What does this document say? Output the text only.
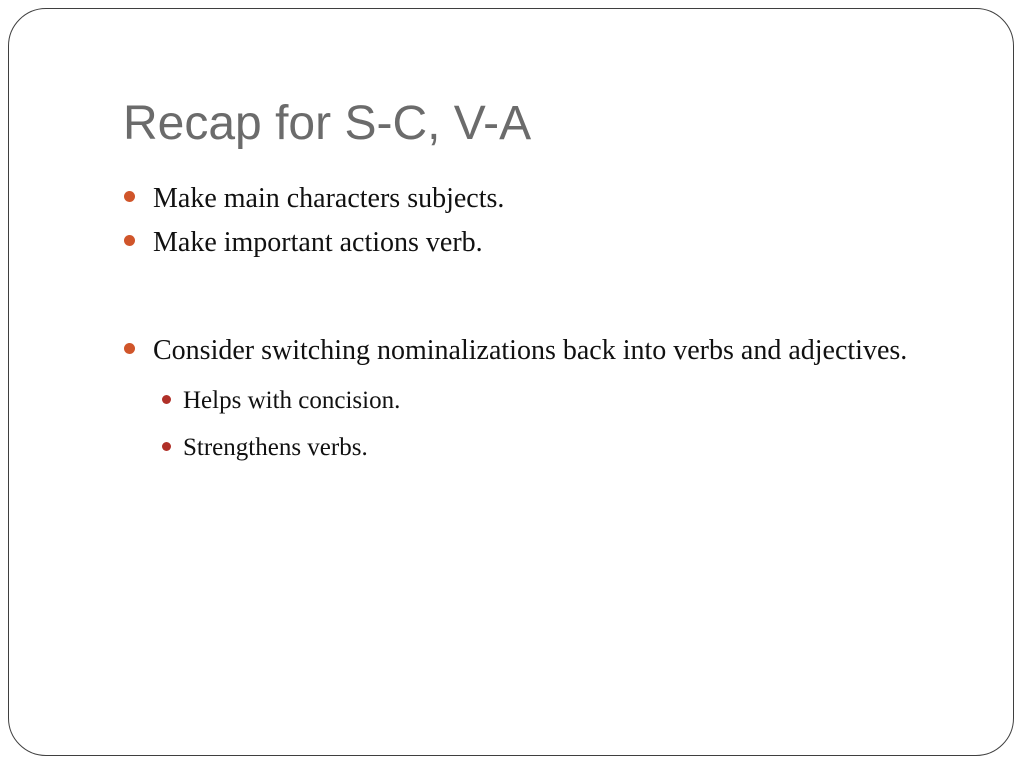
Recap for S-C, V-A
Make main characters subjects.
Make important actions verb.
Consider switching nominalizations back into verbs and adjectives.
Helps with concision.
Strengthens verbs.
